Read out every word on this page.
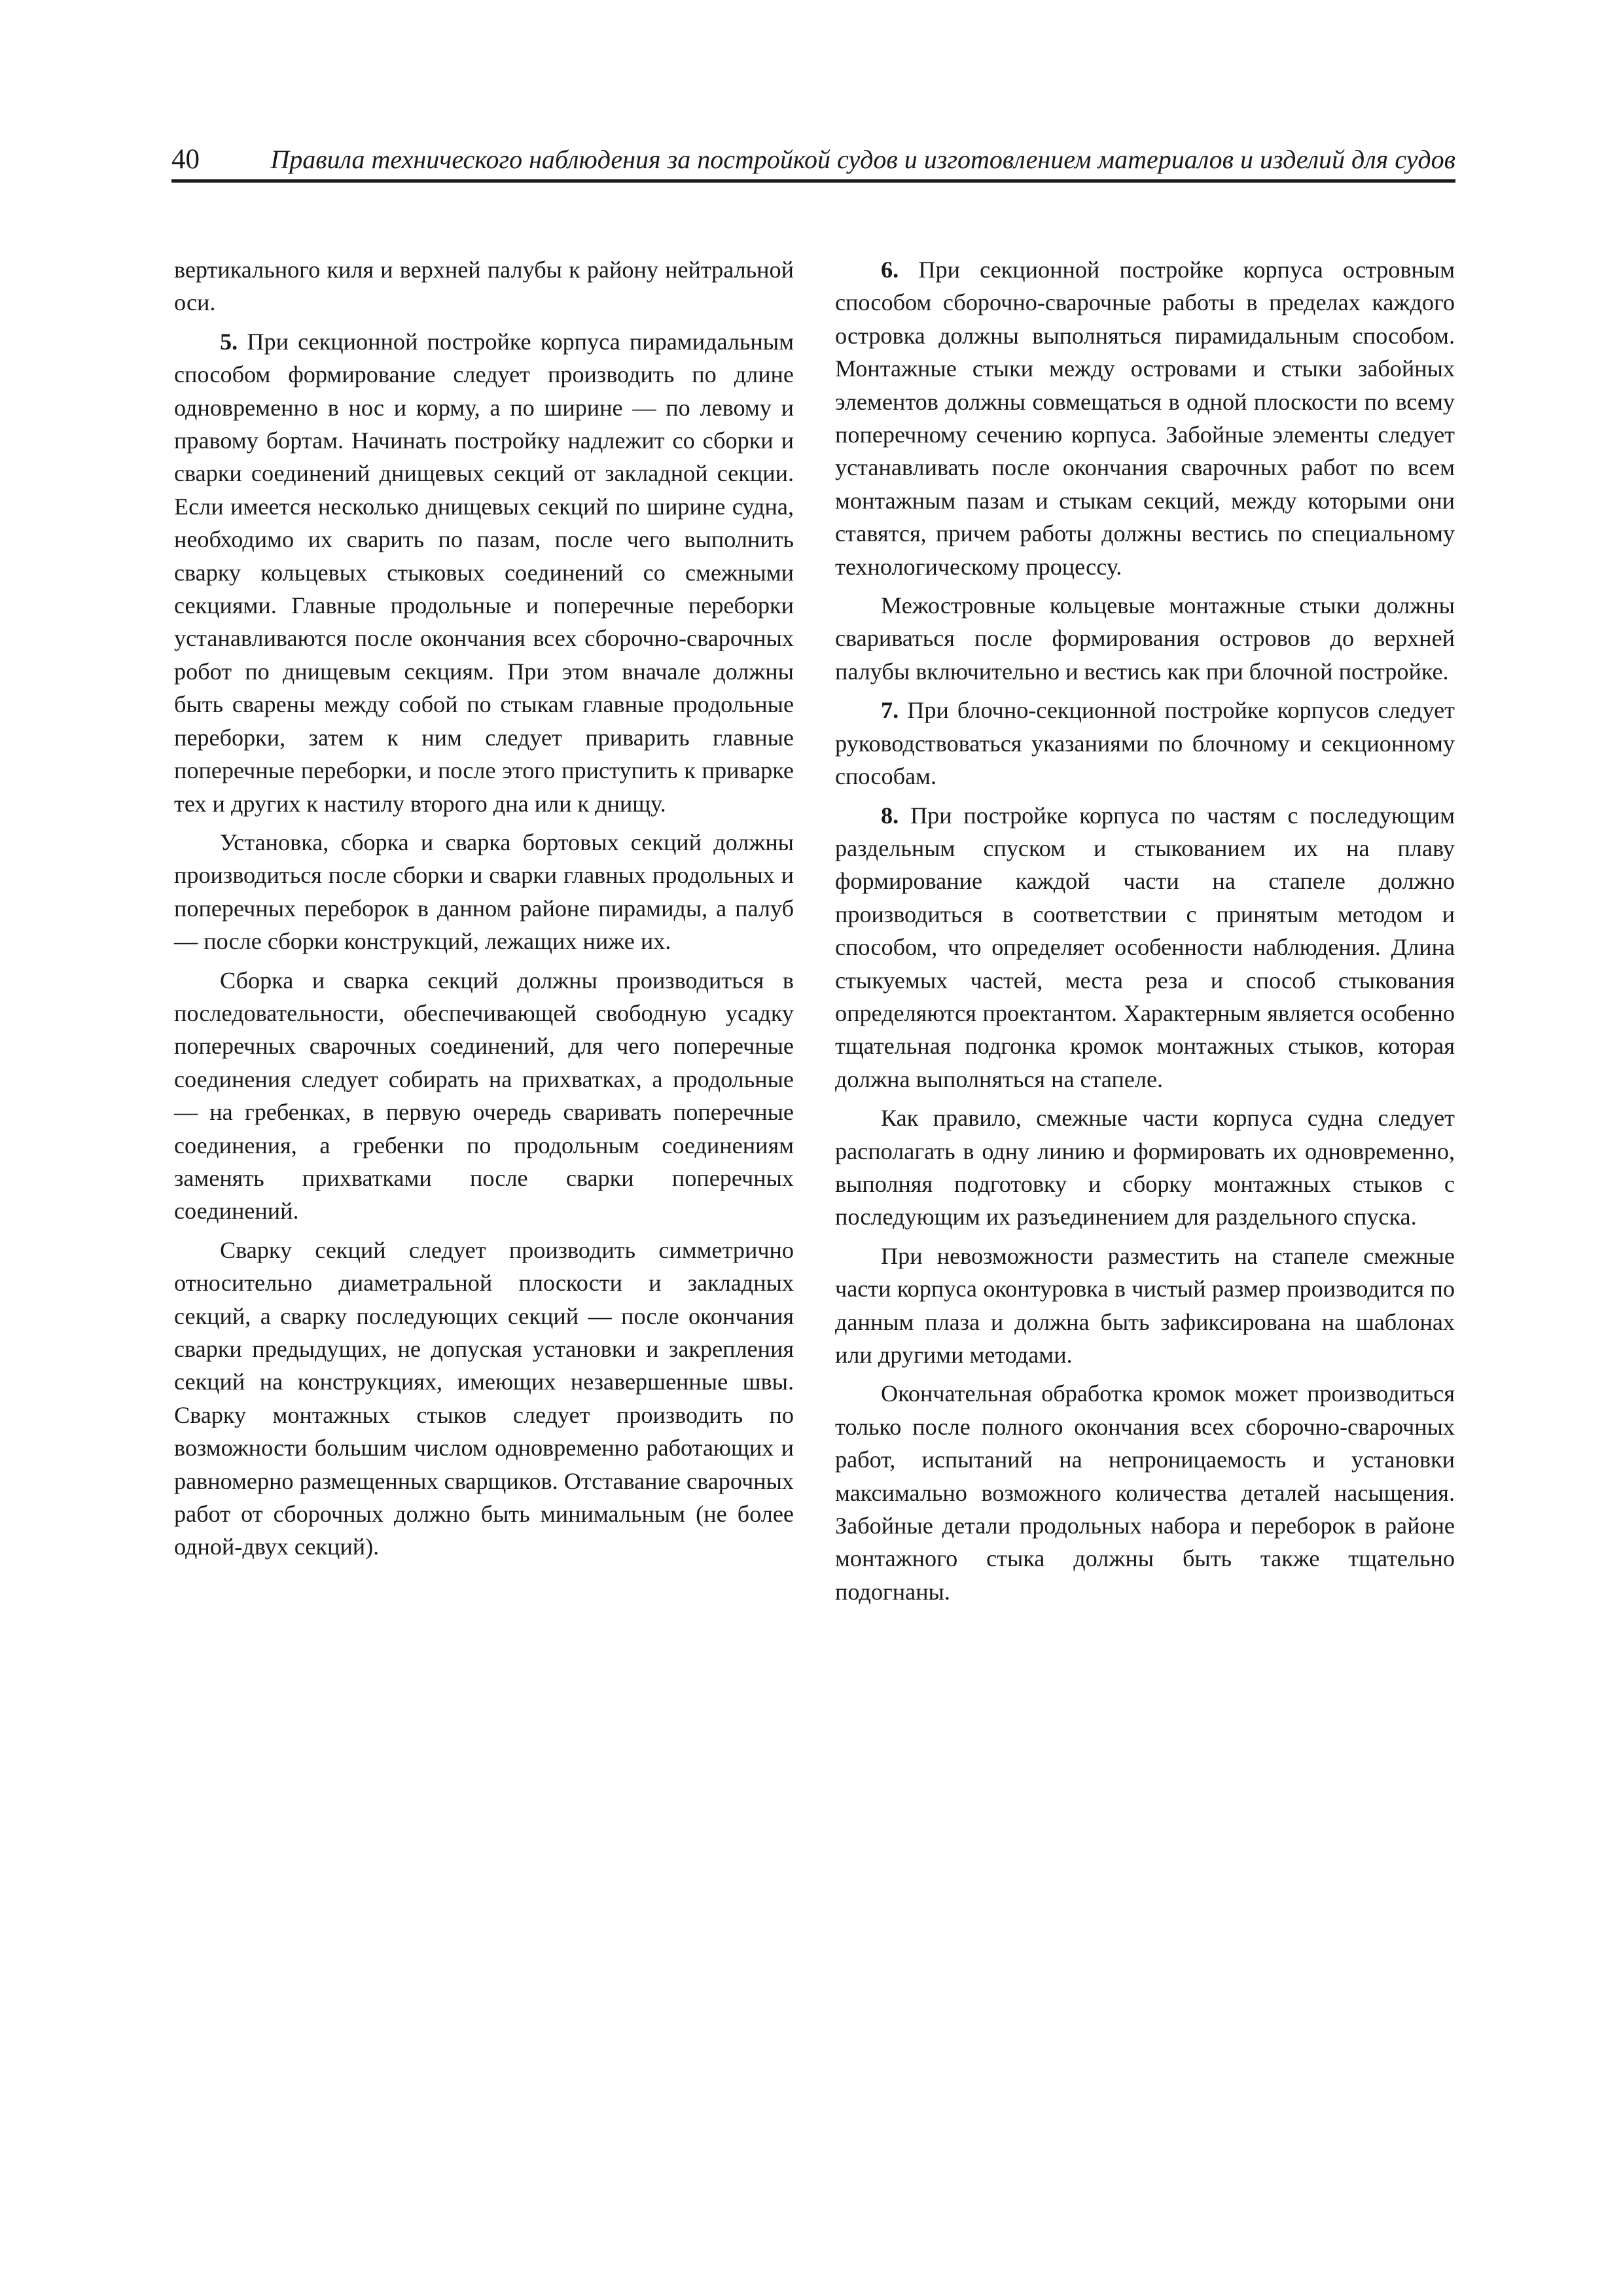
40	Правила технического наблюдения за постройкой судов и изготовлением материалов и изделий для судов

вертикального киля и верхней палубы к району нейтральной оси.

5. При секционной постройке корпуса пирамидальным способом формирование следует производить по длине одновременно в нос и корму, а по ширине — по левому и правому бортам. Начинать постройку надлежит со сборки и сварки соединений днищевых секций от закладной секции. Если имеется несколько днищевых секций по ширине судна, необходимо их сварить по пазам, после чего выполнить сварку кольцевых стыковых соединений со смежными секциями. Главные продольные и поперечные переборки устанавливаются после окончания всех сборочно-сварочных робот по днищевым секциям. При этом вначале должны быть сварены между собой по стыкам главные продольные переборки, затем к ним следует приварить главные поперечные переборки, и после этого приступить к приварке тех и других к настилу второго дна или к днищу.

Установка, сборка и сварка бортовых секций должны производиться после сборки и сварки главных продольных и поперечных переборок в данном районе пирамиды, а палуб — после сборки конструкций, лежащих ниже их.

Сборка и сварка секций должны производиться в последовательности, обеспечивающей свободную усадку поперечных сварочных соединений, для чего поперечные соединения следует собирать на прихватках, а продольные — на гребенках, в первую очередь сваривать поперечные соединения, а гребенки по продольным соединениям заменять прихватками после сварки поперечных соединений.

Сварку секций следует производить симметрично относительно диаметральной плоскости и закладных секций, а сварку последующих секций — после окончания сварки предыдущих, не допуская установки и закрепления секций на конструкциях, имеющих незавершенные швы. Сварку монтажных стыков следует производить по возможности большим числом одновременно работающих и равномерно размещенных сварщиков. Отставание сварочных работ от сборочных должно быть минимальным (не более одной-двух секций).

6. При секционной постройке корпуса островным способом сборочно-сварочные работы в пределах каждого островка должны выполняться пирамидальным способом. Монтажные стыки между островами и стыки забойных элементов должны совмещаться в одной плоскости по всему поперечному сечению корпуса. Забойные элементы следует устанавливать после окончания сварочных работ по всем монтажным пазам и стыкам секций, между которыми они ставятся, причем работы должны вестись по специальному технологическому процессу.

Межостровные кольцевые монтажные стыки должны свариваться после формирования островов до верхней палубы включительно и вестись как при блочной постройке.

7. При блочно-секционной постройке корпусов следует руководствоваться указаниями по блочному и секционному способам.

8. При постройке корпуса по частям с последующим раздельным спуском и стыкованием их на плаву формирование каждой части на стапеле должно производиться в соответствии с принятым методом и способом, что определяет особенности наблюдения. Длина стыкуемых частей, места реза и способ стыкования определяются проектантом. Характерным является особенно тщательная подгонка кромок монтажных стыков, которая должна выполняться на стапеле.

Как правило, смежные части корпуса судна следует располагать в одну линию и формировать их одновременно, выполняя подготовку и сборку монтажных стыков с последующим их разъединением для раздельного спуска.

При невозможности разместить на стапеле смежные части корпуса оконтуровка в чистый размер производится по данным плаза и должна быть зафиксирована на шаблонах или другими методами.

Окончательная обработка кромок может производиться только после полного окончания всех сборочно-сварочных работ, испытаний на непроницаемость и установки максимально возможного количества деталей насыщения. Забойные детали продольных набора и переборок в районе монтажного стыка должны быть также тщательно подогнаны.
